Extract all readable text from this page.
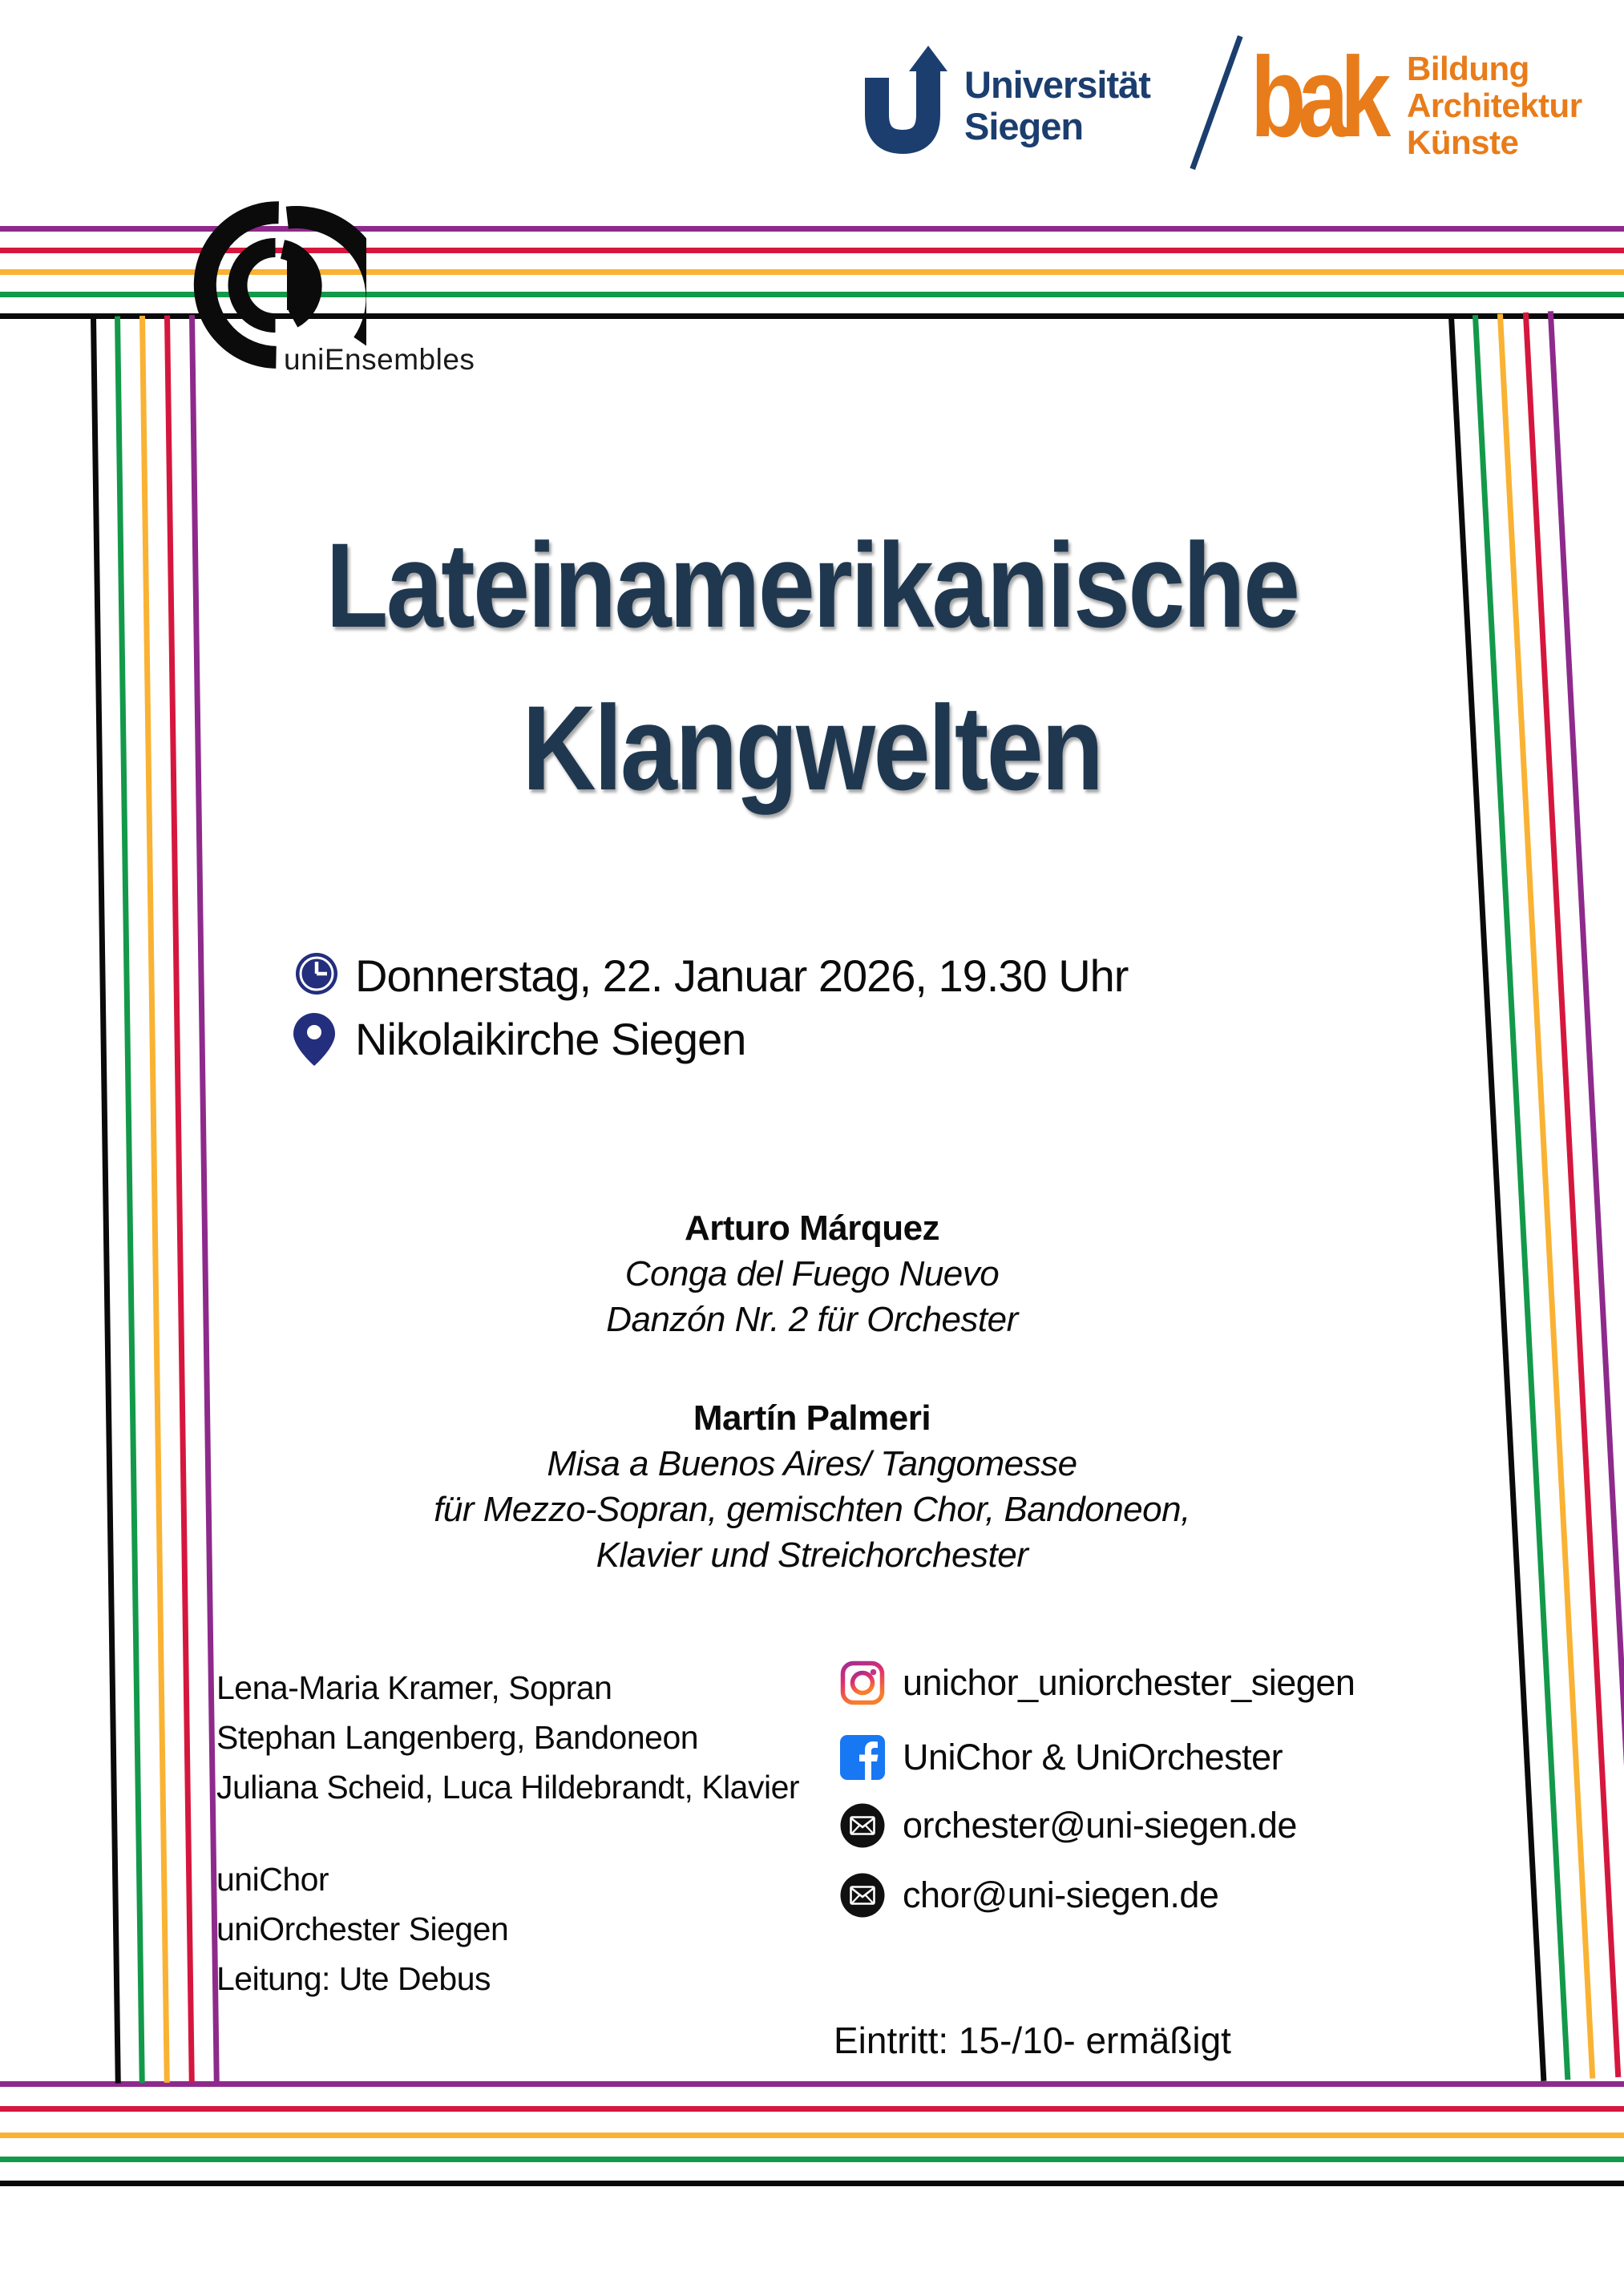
Universität
Siegen bak Bildung
Architektur
Künste
uniEnsembles
Lateinamerikanische
Klangwelten
Donnerstag, 22. Januar 2026, 19.30 Uhr
Nikolaikirche Siegen
Arturo Márquez
Conga del Fuego Nuevo
Danzón Nr. 2 für Orchester
Martín Palmeri
Misa a Buenos Aires/ Tangomesse
für Mezzo-Sopran, gemischten Chor, Bandoneon,
Klavier und Streichorchester
Lena-Maria Kramer, Sopran
Stephan Langenberg, Bandoneon
Juliana Scheid, Luca Hildebrandt, Klavier
uniChor
uniOrchester Siegen
Leitung: Ute Debus
unichor_uniorchester_siegen
UniChor & UniOrchester
orchester@uni-siegen.de
chor@uni-siegen.de
Eintritt: 15-/10- ermäßigt
